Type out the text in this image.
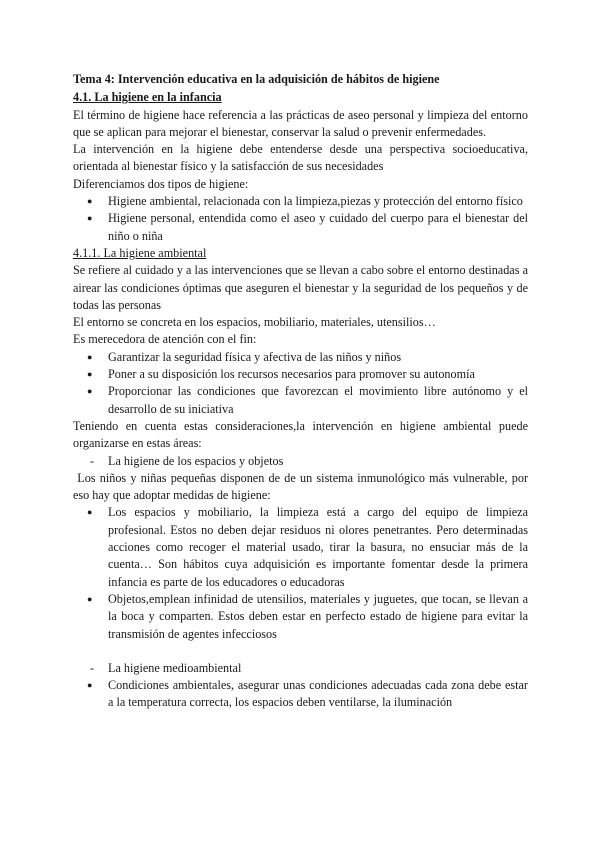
Tema 4: Intervención educativa en la adquisición de hábitos de higiene

4.1. La higiene en la infancia

El término de higiene hace referencia a las prácticas de aseo personal y limpieza del entorno que se aplican para mejorar el bienestar, conservar la salud o prevenir enfermedades.

La intervención en la higiene debe entenderse desde una perspectiva socioeducativa, orientada al bienestar físico y la satisfacción de sus necesidades

Diferenciamos dos tipos de higiene:

● Higiene ambiental, relacionada con la limpieza,piezas y protección del entorno físico
● Higiene personal, entendida como el aseo y cuidado del cuerpo para el bienestar del niño o niña

4.1.1. La higiene ambiental

Se refiere al cuidado y a las intervenciones que se llevan a cabo sobre el entorno destinadas a airear las condiciones óptimas que aseguren el bienestar y la seguridad de los pequeños y de todas las personas

El entorno se concreta en los espacios, mobiliario, materiales, utensilios…

Es merecedora de atención con el fin:

● Garantizar la seguridad física y afectiva de las niños y niños
● Poner a su disposición los recursos necesarios para promover su autonomía
● Proporcionar las condiciones que favorezcan el movimiento libre autónomo y el desarrollo de su iniciativa

Teniendo en cuenta estas consideraciones,la intervención en higiene ambiental puede organizarse en estas áreas:

- La higiene de los espacios y objetos

Los niños y niñas pequeñas disponen de de un sistema inmunológico más vulnerable, por eso hay que adoptar medidas de higiene:

● Los espacios y mobiliario, la limpieza está a cargo del equipo de limpieza profesional. Estos no deben dejar residuos ni olores penetrantes. Pero determinadas acciones como recoger el material usado, tirar la basura, no ensuciar más de la cuenta… Son hábitos cuya adquisición es importante fomentar desde la primera infancia es parte de los educadores o educadoras
● Objetos,emplean infinidad de utensilios, materiales y juguetes, que tocan, se llevan a la boca y comparten. Estos deben estar en perfecto estado de higiene para evitar la transmisión de agentes infecciosos
- La higiene medioambiental
● Condiciones ambientales, asegurar unas condiciones adecuadas cada zona debe estar a la temperatura correcta, los espacios deben ventilarse, la iluminación
